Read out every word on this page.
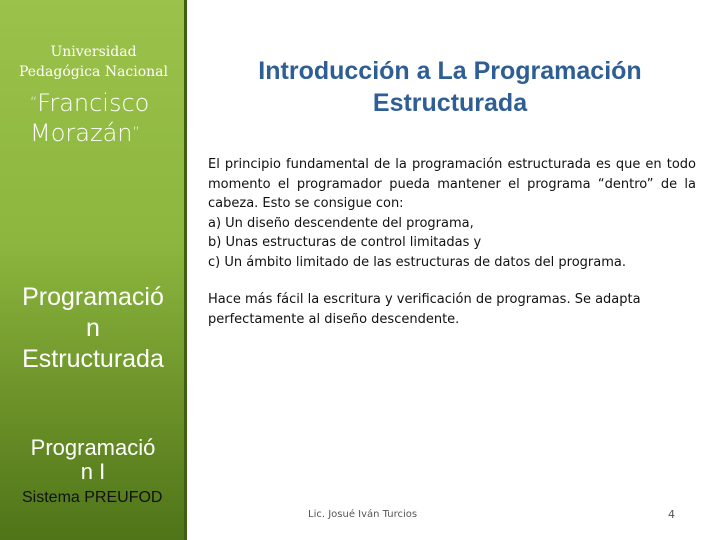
Universidad
Pedagógica Nacional
“Francisco
Morazán”
Programació
n
Estructurada
Programació
n I
Sistema PREUFOD
Introducción a La Programación
Estructurada
El principio fundamental de la programación estructurada es que en todo momento el programador pueda mantener el programa “dentro” de la cabeza. Esto se consigue con:
a) Un diseño descendente del programa,
b) Unas estructuras de control limitadas y
c) Un ámbito limitado de las estructuras de datos del programa.
Hace más fácil la escritura y verificación de programas. Se adapta perfectamente al diseño descendente.
Lic. Josué Iván Turcios	4
